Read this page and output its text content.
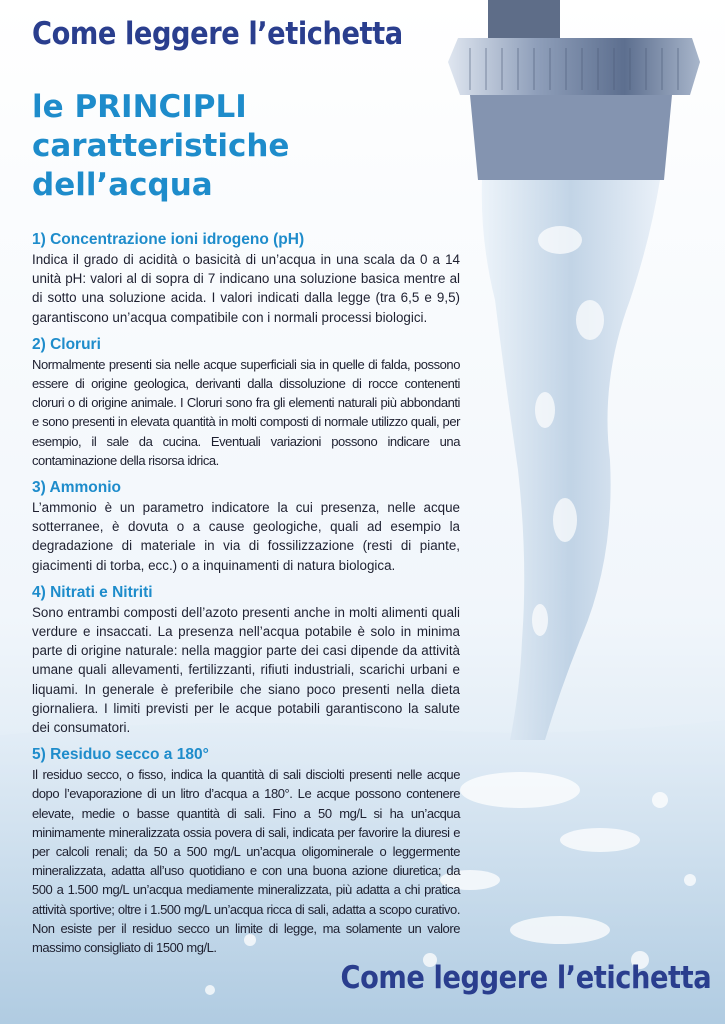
Come leggere l’etichetta
le PRINCIPLI
caratteristiche
dell’acqua
1) Concentrazione ioni idrogeno (pH)

Indica il grado di acidità o basicità di un’acqua in una scala da 0 a 14 unità pH: valori al di sopra di 7 indicano una soluzione basica mentre al di sotto una soluzione acida. I valori indicati dalla legge (tra 6,5 e 9,5) garantiscono un’acqua compatibile con i normali processi biologici.

2) Cloruri

Normalmente presenti sia nelle acque superficiali sia in quelle di falda, possono essere di origine geologica, derivanti dalla dissoluzione di rocce contenenti cloruri o di origine animale. I Cloruri sono fra gli elementi naturali più abbondanti e sono presenti in elevata quantità in molti composti di normale utilizzo quali, per esempio, il sale da cucina. Eventuali variazioni possono indicare una contaminazione della risorsa idrica.

3) Ammonio

L’ammonio è un parametro indicatore la cui presenza, nelle acque sotterranee, è dovuta o a cause geologiche, quali ad esempio la degradazione di materiale in via di fossilizzazione (resti di piante, giacimenti di torba, ecc.) o a inquinamenti di natura biologica.

4) Nitrati e Nitriti

Sono entrambi composti dell’azoto presenti anche in molti alimenti quali verdure e insaccati. La presenza nell’acqua potabile è solo in minima parte di origine naturale: nella maggior parte dei casi dipende da attività umane quali allevamenti, fertilizzanti, rifiuti industriali, scarichi urbani e liquami. In generale è preferibile che siano poco presenti nella dieta giornaliera. I limiti previsti per le acque potabili garantiscono la salute dei consumatori.

5) Residuo secco a 180°

Il residuo secco, o fisso, indica la quantità di sali disciolti presenti nelle acque dopo l’evaporazione di un litro d’acqua a 180°. Le acque possono contenere elevate, medie o basse quantità di sali. Fino a 50 mg/L si ha un’acqua minimamente mineralizzata ossia povera di sali, indicata per favorire la diuresi e per calcoli renali; da 50 a 500 mg/L un’acqua oligominerale o leggermente mineralizzata, adatta all’uso quotidiano e con una buona azione diuretica; da 500 a 1.500 mg/L un’acqua mediamente mineralizzata, più adatta a chi pratica attività sportive; oltre i 1.500 mg/L un’acqua ricca di sali, adatta a scopo curativo. Non esiste per il residuo secco un limite di legge, ma solamente un valore massimo consigliato di 1500 mg/L.

Come leggere l’etichetta
